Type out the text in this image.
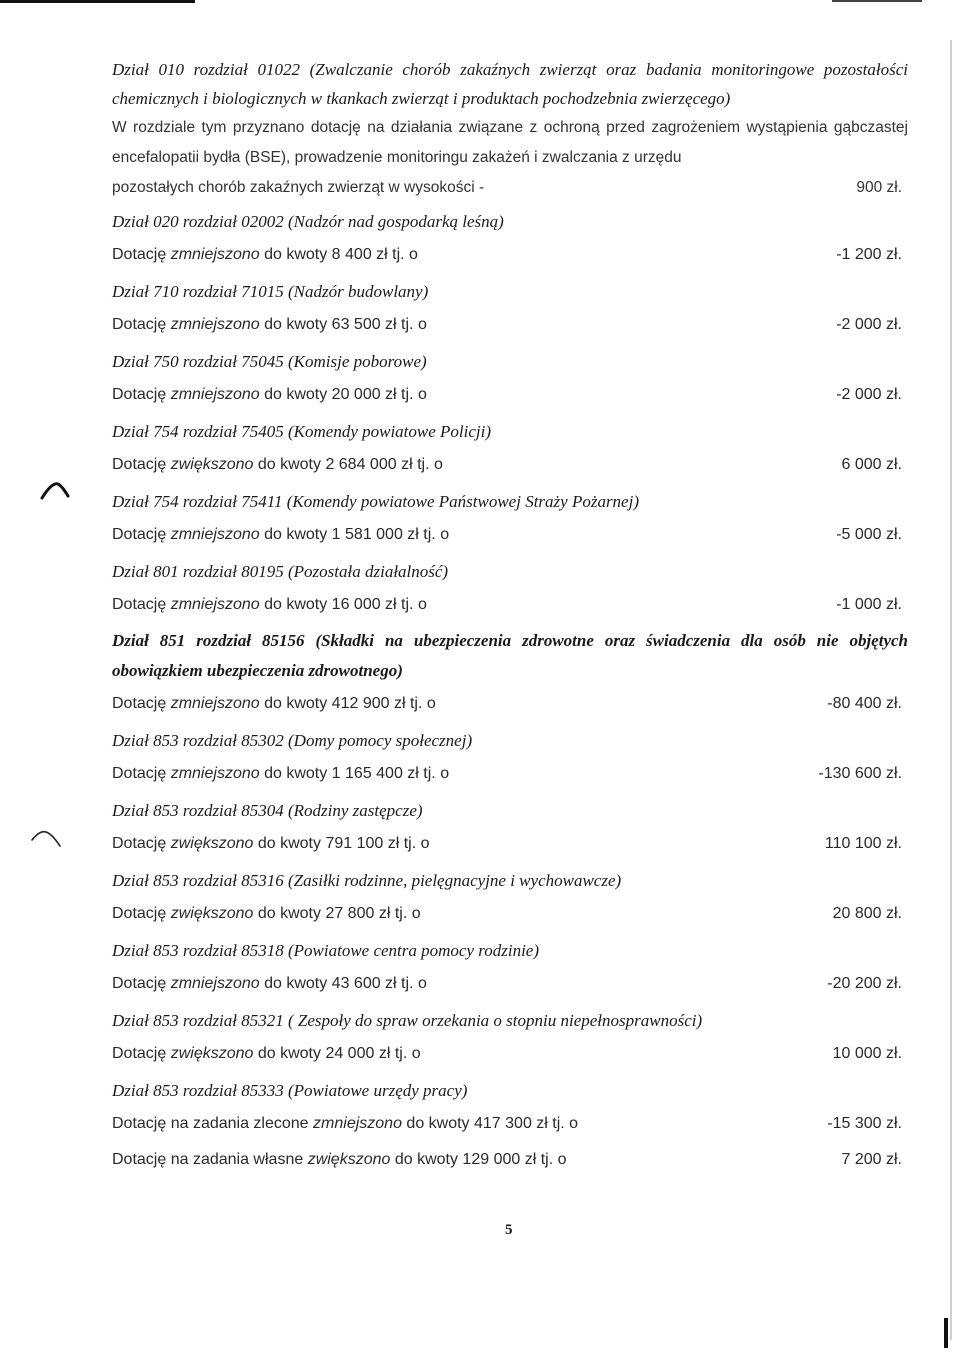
Dział 010 rozdział 01022 (Zwalczanie chorób zakaźnych zwierząt oraz badania monitoringowe pozostałości chemicznych i biologicznych w tkankach zwierząt i produktach pochodzebnia zwierzęcego)
W rozdziale tym przyznano dotację na działania związane z ochroną przed zagrożeniem wystąpienia gąbczastej encefalopatii bydła (BSE), prowadzenie monitoringu zakażeń i zwalczania z urzędu
pozostałych chorób zakaźnych zwierząt w wysokości -	900 zł.
Dział 020 rozdział 02002 (Nadzór nad gospodarką leśną)
Dotację zmniejszono do kwoty 8 400 zł tj. o	-1 200 zł.
Dział 710 rozdział 71015 (Nadzór budowlany)
Dotację zmniejszono do kwoty 63 500 zł tj. o	-2 000 zł.
Dział 750 rozdział 75045 (Komisje poborowe)
Dotację zmniejszono do kwoty 20 000 zł tj. o	-2 000 zł.
Dział 754 rozdział 75405 (Komendy powiatowe Policji)
Dotację zwiększono do kwoty 2 684 000 zł tj. o	6 000 zł.
Dział 754 rozdział 75411 (Komendy powiatowe Państwowej Straży Pożarnej)
Dotację zmniejszono do kwoty 1 581 000 zł tj. o	-5 000 zł.
Dział 801 rozdział 80195 (Pozostała działalność)
Dotację zmniejszono do kwoty 16 000 zł tj. o	-1 000 zł.
Dział 851 rozdział 85156 (Składki na ubezpieczenia zdrowotne oraz świadczenia dla osób nie objętych obowiązkiem ubezpieczenia zdrowotnego)
Dotację zmniejszono do kwoty 412 900 zł tj. o	-80 400 zł.
Dział 853 rozdział 85302 (Domy pomocy społecznej)
Dotację zmniejszono do kwoty 1 165 400 zł tj. o	-130 600 zł.
Dział 853 rozdział 85304 (Rodziny zastępcze)
Dotację zwiększono do kwoty 791 100 zł tj. o	110 100 zł.
Dział 853 rozdział 85316 (Zasiłki rodzinne, pielęgnacyjne i wychowawcze)
Dotację zwiększono do kwoty 27 800 zł tj. o	20 800 zł.
Dział 853 rozdział 85318 (Powiatowe centra pomocy rodzinie)
Dotację zmniejszono do kwoty 43 600 zł tj. o	-20 200 zł.
Dział 853 rozdział 85321 ( Zespoły do spraw orzekania o stopniu niepełnosprawności)
Dotację zwiększono do kwoty 24 000 zł tj. o	10 000 zł.
Dział 853 rozdział 85333 (Powiatowe urzędy pracy)
Dotację na zadania zlecone zmniejszono do kwoty 417 300 zł tj. o	-15 300 zł.
Dotację na zadania własne zwiększono do kwoty 129 000 zł tj. o	7 200 zł.
5
